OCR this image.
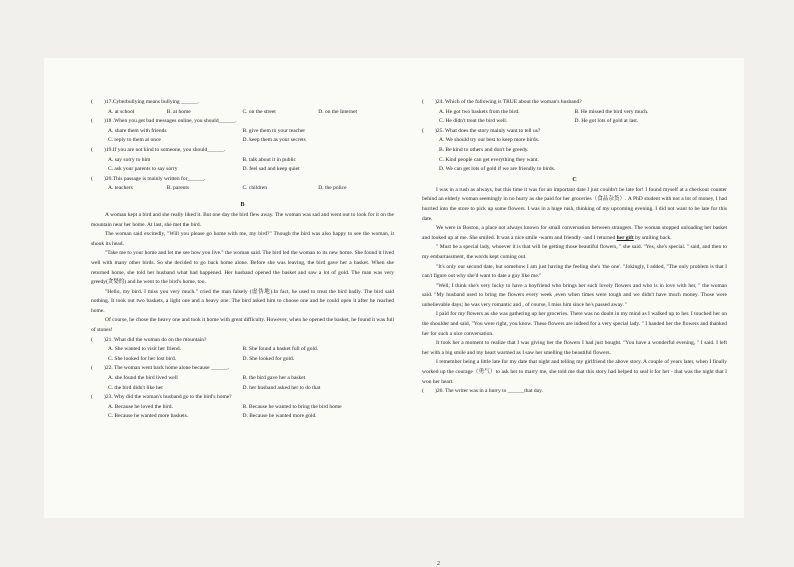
(	)17.Cyberbullying means bullying ______.
A. at school	B. at home	C. on the street	D. on the Internet
(	)18 .When you get bad messages online, you should______.
A. share them with friends	B. give them to your teacher
C. reply to them at once	D. keep them as your secrets
(	)19.If you are not kind to someone, you should______.
A. say sorry to him	B. talk about it in public
C. ask your parents to say sorry	D. feel sad and keep quiet
(	)20.This passage is mainly written for______.
A. teachers	B. parents	C. children	D. the police
B

A woman kept a bird and she really liked it. But one day the bird flew away. The woman was sad and went out to look for it on the mountain near her home. At last, she met the bird.

The woman said excitedly, "Will you please go home with me, my bird?" Though the bird was also happy to see the woman, it shook its head.

"Take me to your home and let me see how you live." the woman said. The bird led the woman to its new home. She found it lived well with many other birds. So she decided to go back home alone. Before she was leaving, the bird gave her a basket. When she returned home, she told her husband what had happened. Her husband opened the basket and saw a lot of gold. The man was very greedy(贪婪的) and he went to the bird's home, too.

"Hello, my bird. I miss you very much." cried the man falsely (虚伪地).In fact, he used to treat the bird badly. The bird said nothing. It took out two baskets, a light one and a heavy one. The bird asked him to choose one and he could open it after he reached home.

Of course, he chose the heavy one and took it home with great difficulty. However, when he opened the basket, he found it was full of stones!

(	)21. What did the woman do on the mountain?
A. She wanted to visit her friend.	B. She found a basket full of gold.
C. She looked for her lost bird.	D. She looked for gold.
(	)22. The woman went back home alone because ______.
A. she found the bird lived well	B. the bird gave her a basket
C. the bird didn't like her	D. her husband asked her to do that
(	)23. Why did the woman's husband go to the bird's home?
A. Because he loved the bird.	B. Because he wanted to bring the bird home
C. Because he wanted more baskets.	D. Because he wanted more gold.
(	)24. Which of the following is TRUE about the woman's husband?
A. He got two baskets from the bird.	B. He missed the bird very much.
C. He didn't treat the bird well.	D. He got lots of gold at last.
(	)25. What does the story mainly want to tell us?
A. We should try our best to keep more birds.
B. Be kind to others and don't be greedy.
C. Kind people can get everything they want.
D. We can get lots of gold if we are friendly to birds.
C

I was in a rush as always, but this time it was for an important date I just couldn't be late for! I found myself at a checkout counter behind an elderly woman seemingly in no hurry as she paid for her groceries（食品杂货）. A PhD student with not a lot of money, I had hurried into the store to pick up some flowers. I was in a huge rush, thinking of my upcoming evening. I did not want to be late for this date.

We were in Boston, a place not always known for small conversation between strangers. The woman stopped unloading her basket and looked up at me. She smiled. It was a nice smile -warm and friendly -and I returned her gift by smiling back.

" Must be a special lady, whoever it is that will be getting those beautiful flowers, " she said. "Yes, she's special. " said, and then to my embarrassment, the words kept coming out.

"It's only our second date, but somehow I am just having the feeling she's 'the one'. "Jokingly, I added, "The only problem is that I can't figure out why she'd want to date a guy like me."

"Well, I think she's very lucky to have a boyfriend who brings her such lovely flowers and who is in love with her, " the woman said. "My husband used to bring me flowers every week ,even when times were tough and we didn't have much money. Those were unbelievable days; he was very romantic and , of course, I miss him since he's passed away. "

I paid for my flowers as she was gathering up her groceries. There was no doubt in my mind as I walked up to her. I touched her on the shoulder and said, "You were right, you know. These flowers are indeed for a very special lady. " I handed her the flowers and thanked her for such a nice conversation.

It took her a moment to realize that I was giving her the flowers I had just bought. "You have a wonderful evening, " I said. I left her with a big smile and my heart warmed as I saw her smelling the beautiful flowers.

I remember being a little late for my date that night and telling my girlfriend the above story. A couple of years later, when I finally worked up the courage（勇气）to ask her to marry me, she told me that this story had helped to seal it for her - that was the night that I won her heart.

(	)26. The writer was in a hurry to ______that day.
2
